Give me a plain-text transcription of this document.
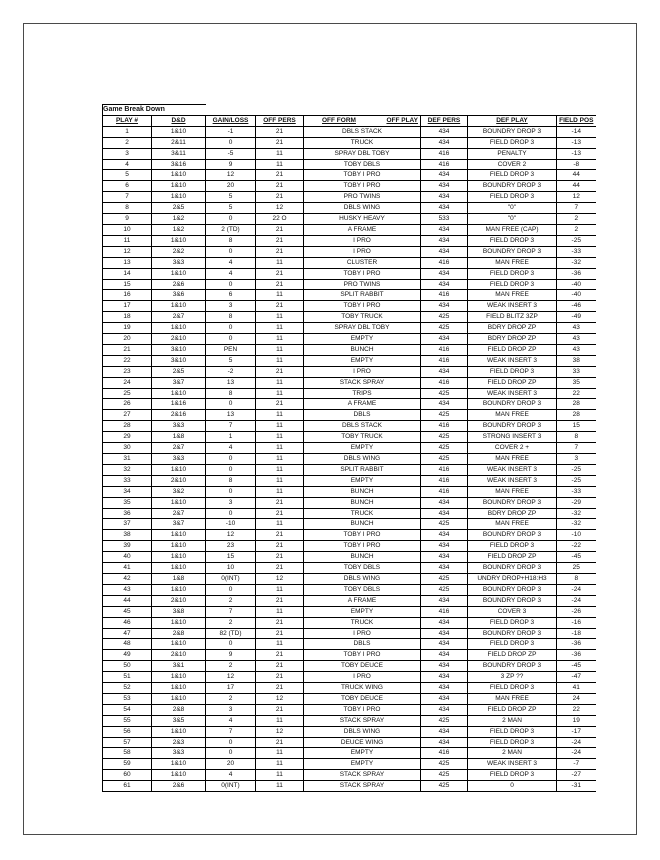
Game Break Down							
PLAY #	D&D	GAIN/LOSS	OFF PERS	OFF FORM OFF PLAY	DEF PERS	DEF PLAY	FIELD POS
1	1&10	-1	21	DBLS STACK	434	BOUNDRY DROP 3	-14
2	2&11	0	21	TRUCK	434	FIELD DROP 3	-13
3	3&11	-5	11	SPRAY DBL TOBY	416	PENALTY	-13
4	3&16	9	11	TOBY DBLS	416	COVER 2	-8
5	1&10	12	21	TOBY I PRO	434	FIELD DROP 3	44
6	1&10	20	21	TOBY I PRO	434	BOUNDRY DROP 3	44
7	1&10	5	21	PRO TWINS	434	FIELD DROP 3	12
8	2&5	5	12	DBLS WING	434	"0"	7
9	1&2	0	22 O	HUSKY HEAVY	533	"0"	2
10	1&2	2 (TD)	21	A FRAME	434	MAN FREE (CAP)	2
11	1&10	8	21	I PRO	434	FIELD DROP 3	-25
12	2&2	0	21	I PRO	434	BOUNDRY DROP 3	-33
13	3&3	4	11	CLUSTER	416	MAN FREE	-32
14	1&10	4	21	TOBY I PRO	434	FIELD DROP 3	-36
15	2&6	0	21	PRO TWINS	434	FIELD DROP 3	-40
16	3&6	6	11	SPLIT RABBIT	416	MAN FREE	-40
17	1&10	3	21	TOBY I PRO	434	WEAK INSERT 3	-46
18	2&7	8	11	TOBY TRUCK	425	FIELD BLITZ 3ZP	-49
19	1&10	0	11	SPRAY DBL TOBY	425	BDRY DROP ZP	43
20	2&10	0	11	EMPTY	434	BDRY DROP ZP	43
21	3&10	PEN	11	BUNCH	416	FIELD DROP ZP	43
22	3&10	5	11	EMPTY	416	WEAK INSERT 3	38
23	2&5	-2	21	I PRO	434	FIELD DROP 3	33
24	3&7	13	11	STACK SPRAY	416	FIELD DROP ZP	35
25	1&10	8	11	TRIPS	425	WEAK INSERT 3	22
26	1&16	0	21	A FRAME	434	BOUNDRY DROP 3	28
27	2&16	13	11	DBLS	425	MAN FREE	28
28	3&3	7	11	DBLS STACK	416	BOUNDRY DROP 3	15
29	1&8	1	11	TOBY TRUCK	425	STRONG INSERT 3	8
30	2&7	4	11	EMPTY	425	COVER 2 +	7
31	3&3	0	11	DBLS WING	425	MAN FREE	3
32	1&10	0	11	SPLIT RABBIT	416	WEAK INSERT 3	-25
33	2&10	8	11	EMPTY	416	WEAK INSERT 3	-25
34	3&2	0	11	BUNCH	416	MAN FREE	-33
35	1&10	3	21	BUNCH	434	BOUNDRY DROP 3	-29
36	2&7	0	21	TRUCK	434	BDRY DROP ZP	-32
37	3&7	-10	11	BUNCH	425	MAN FREE	-32
38	1&10	12	21	TOBY I PRO	434	BOUNDRY DROP 3	-10
39	1&10	23	21	TOBY I PRO	434	FIELD DROP 3	-22
40	1&10	15	21	BUNCH	434	FIELD DROP ZP	-45
41	1&10	10	21	TOBY DBLS	434	BOUNDRY DROP 3	25
42	1&8	0(INT)	12	DBLS WING	425	UNDRY DROP+H18:H3	8
43	1&10	0	11	TOBY DBLS	425	BOUNDRY DROP 3	-24
44	2&10	2	21	A FRAME	434	BOUNDRY DROP 3	-24
45	3&8	7	11	EMPTY	416	COVER 3	-26
46	1&10	2	21	TRUCK	434	FIELD DROP 3	-16
47	2&8	82 (TD)	21	I PRO	434	BOUNDRY DROP 3	-18
48	1&10	0	11	DBLS	434	FIELD DROP 3	-36
49	2&10	9	21	TOBY I PRO	434	FIELD DROP ZP	-36
50	3&1	2	21	TOBY DEUCE	434	BOUNDRY DROP 3	-45
51	1&10	12	21	I PRO	434	3 ZP ??	-47
52	1&10	17	21	TRUCK WING	434	FIELD DROP 3	41
53	1&10	2	12	TOBY DEUCE	434	MAN FREE	24
54	2&8	3	21	TOBY I PRO	434	FIELD DROP ZP	22
55	3&5	4	11	STACK SPRAY	425	2 MAN	19
56	1&10	7	12	DBLS WING	434	FIELD DROP 3	-17
57	2&3	0	21	DEUCE WING	434	FIELD DROP 3	-24
58	3&3	0	11	EMPTY	416	2 MAN	-24
59	1&10	20	11	EMPTY	425	WEAK INSERT 3	-7
60	1&10	4	11	STACK SPRAY	425	FIELD DROP 3	-27
61	2&6	0(INT)	11	STACK SPRAY	425	0	-31
